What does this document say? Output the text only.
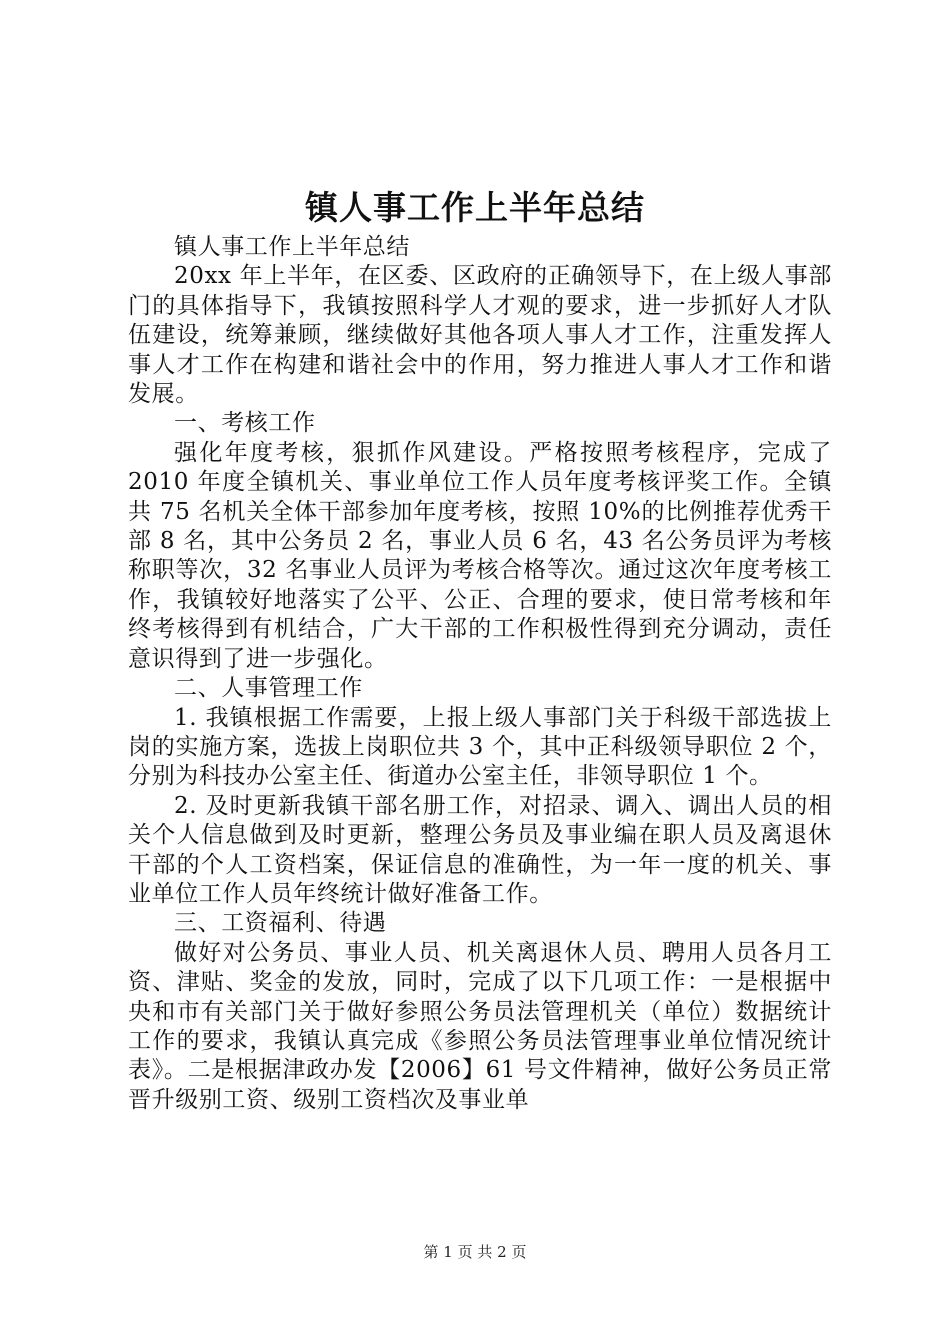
镇人事工作上半年总结

镇人事工作上半年总结

20xx 年上半年，在区委、区政府的正确领导下，在上级人事部门的具体指导下，我镇按照科学人才观的要求，进一步抓好人才队伍建设，统筹兼顾，继续做好其他各项人事人才工作，注重发挥人事人才工作在构建和谐社会中的作用，努力推进人事人才工作和谐发展。

一、考核工作

强化年度考核，狠抓作风建设。严格按照考核程序，完成了 2010 年度全镇机关、事业单位工作人员年度考核评奖工作。全镇共 75 名机关全体干部参加年度考核，按照 10%的比例推荐优秀干部 8 名，其中公务员 2 名，事业人员 6 名，43 名公务员评为考核称职等次，32 名事业人员评为考核合格等次。通过这次年度考核工作，我镇较好地落实了公平、公正、合理的要求，使日常考核和年终考核得到有机结合，广大干部的工作积极性得到充分调动，责任意识得到了进一步强化。

二、人事管理工作

1. 我镇根据工作需要，上报上级人事部门关于科级干部选拔上岗的实施方案，选拔上岗职位共 3 个，其中正科级领导职位 2 个，分别为科技办公室主任、街道办公室主任，非领导职位 1 个。

2. 及时更新我镇干部名册工作，对招录、调入、调出人员的相关个人信息做到及时更新，整理公务员及事业编在职人员及离退休干部的个人工资档案，保证信息的准确性，为一年一度的机关、事业单位工作人员年终统计做好准备工作。

三、工资福利、待遇

做好对公务员、事业人员、机关离退休人员、聘用人员各月工资、津贴、奖金的发放，同时，完成了以下几项工作：一是根据中央和市有关部门关于做好参照公务员法管理机关（单位）数据统计工作的要求，我镇认真完成《参照公务员法管理事业单位情况统计表》。二是根据津政办发【2006】61 号文件精神，做好公务员正常晋升级别工资、级别工资档次及事业单

第 1 页 共 2 页
